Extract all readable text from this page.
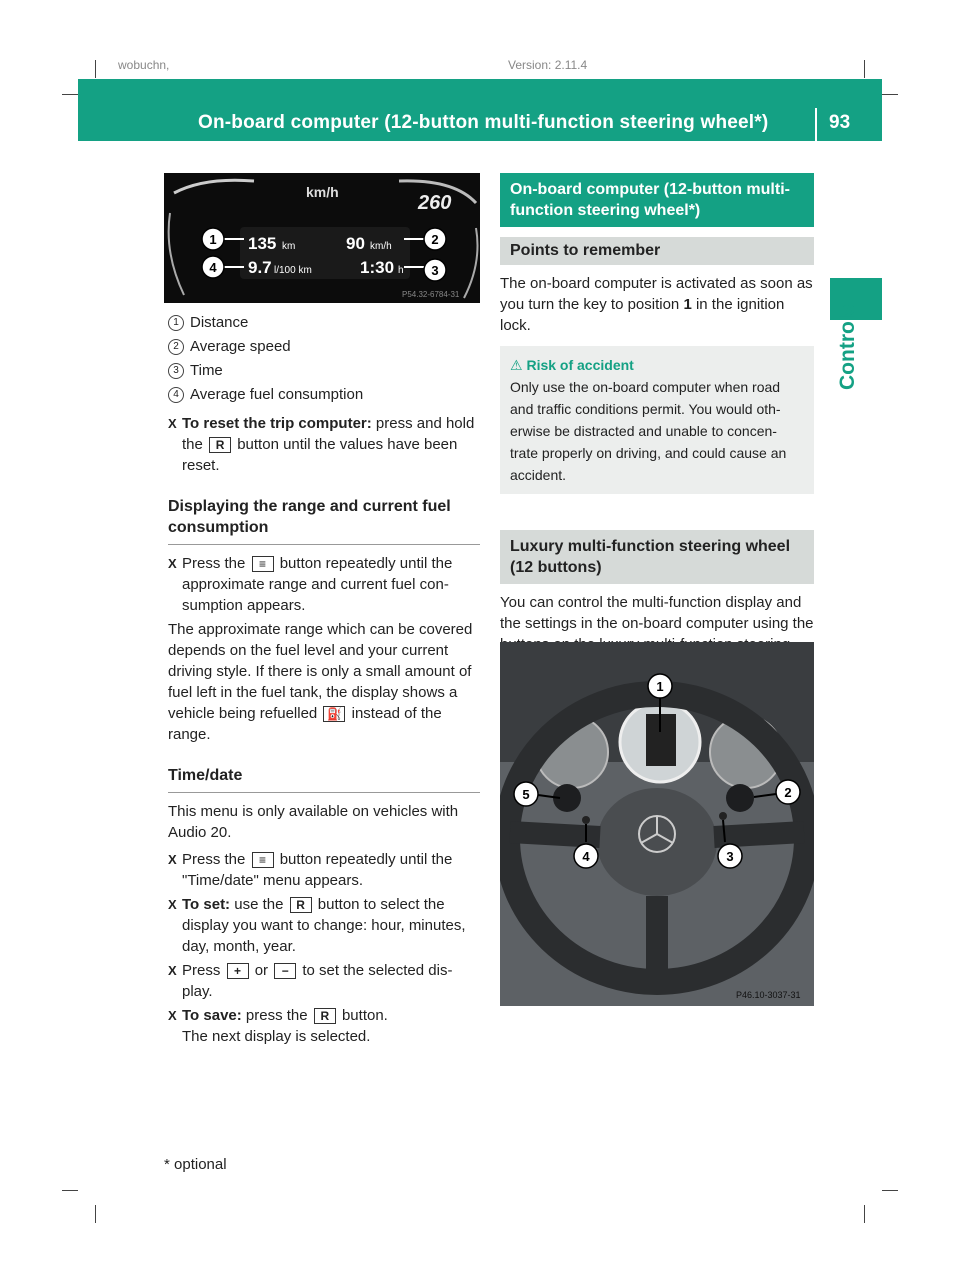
wobuchn,	Version: 2.11.4
On-board computer (12-button multi-function steering wheel*)	93
Controls
km/h	260
135 km	90 km/h
9.7 l/100 km	1:30 h
1
4
2
3
P54.32-6784-31
1 Distance
2 Average speed
3 Time
4 Average fuel consumption
X To reset the trip computer: press and hold the R button until the values have been reset.
Displaying the range and current fuel consumption
X Press the ≡ button repeatedly until the approximate range and current fuel con-sumption appears.

The approximate range which can be covered depends on the fuel level and your current driving style. If there is only a small amount of fuel left in the fuel tank, the display shows a vehicle being refuelled ⛽ instead of the range.

Time/date

This menu is only available on vehicles with Audio 20.

X Press the ≡ button repeatedly until the "Time/date" menu appears.
X To set: use the R button to select the display you want to change: hour, minutes, day, month, year.
X Press + or − to set the selected dis-play.
X To save: press the R button.
The next display is selected.
On-board computer (12-button multi-function steering wheel*)
Points to remember

The on-board computer is activated as soon as you turn the key to position 1 in the ignition lock.

⚠ Risk of accident
Only use the on-board computer when road and traffic conditions permit. You would oth-erwise be distracted and unable to concen-trate properly on driving, and could cause an accident.
Luxury multi-function steering wheel (12 buttons)

You can control the multi-function display and the settings in the on-board computer using the

1
2
3
4
5
P46.10-3037-31
* optional
